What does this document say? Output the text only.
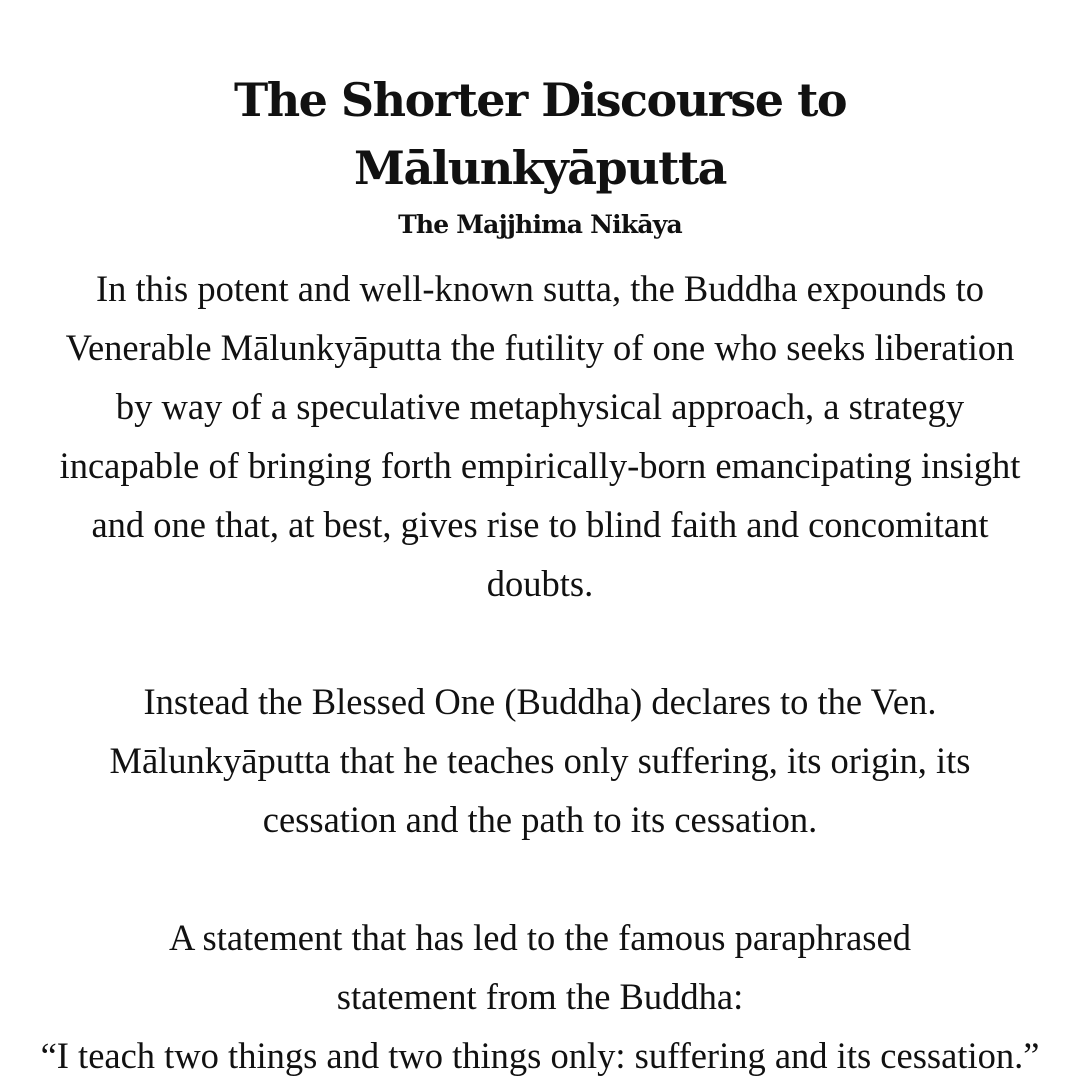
The Shorter Discourse to
Mālunkyāputta

The Majjhima Nikāya

In this potent and well-known sutta, the Buddha expounds to

Venerable Mālunkyāputta the futility of one who seeks liberation

by way of a speculative metaphysical approach, a strategy

incapable of bringing forth empirically-born emancipating insight

and one that, at best, gives rise to blind faith and concomitant

doubts.

Instead the Blessed One (Buddha) declares to the Ven.

Mālunkyāputta that he teaches only suffering, its origin, its

cessation and the path to its cessation.

A statement that has led to the famous paraphrased

statement from the Buddha:

“I teach two things and two things only: suffering and its cessation.”
